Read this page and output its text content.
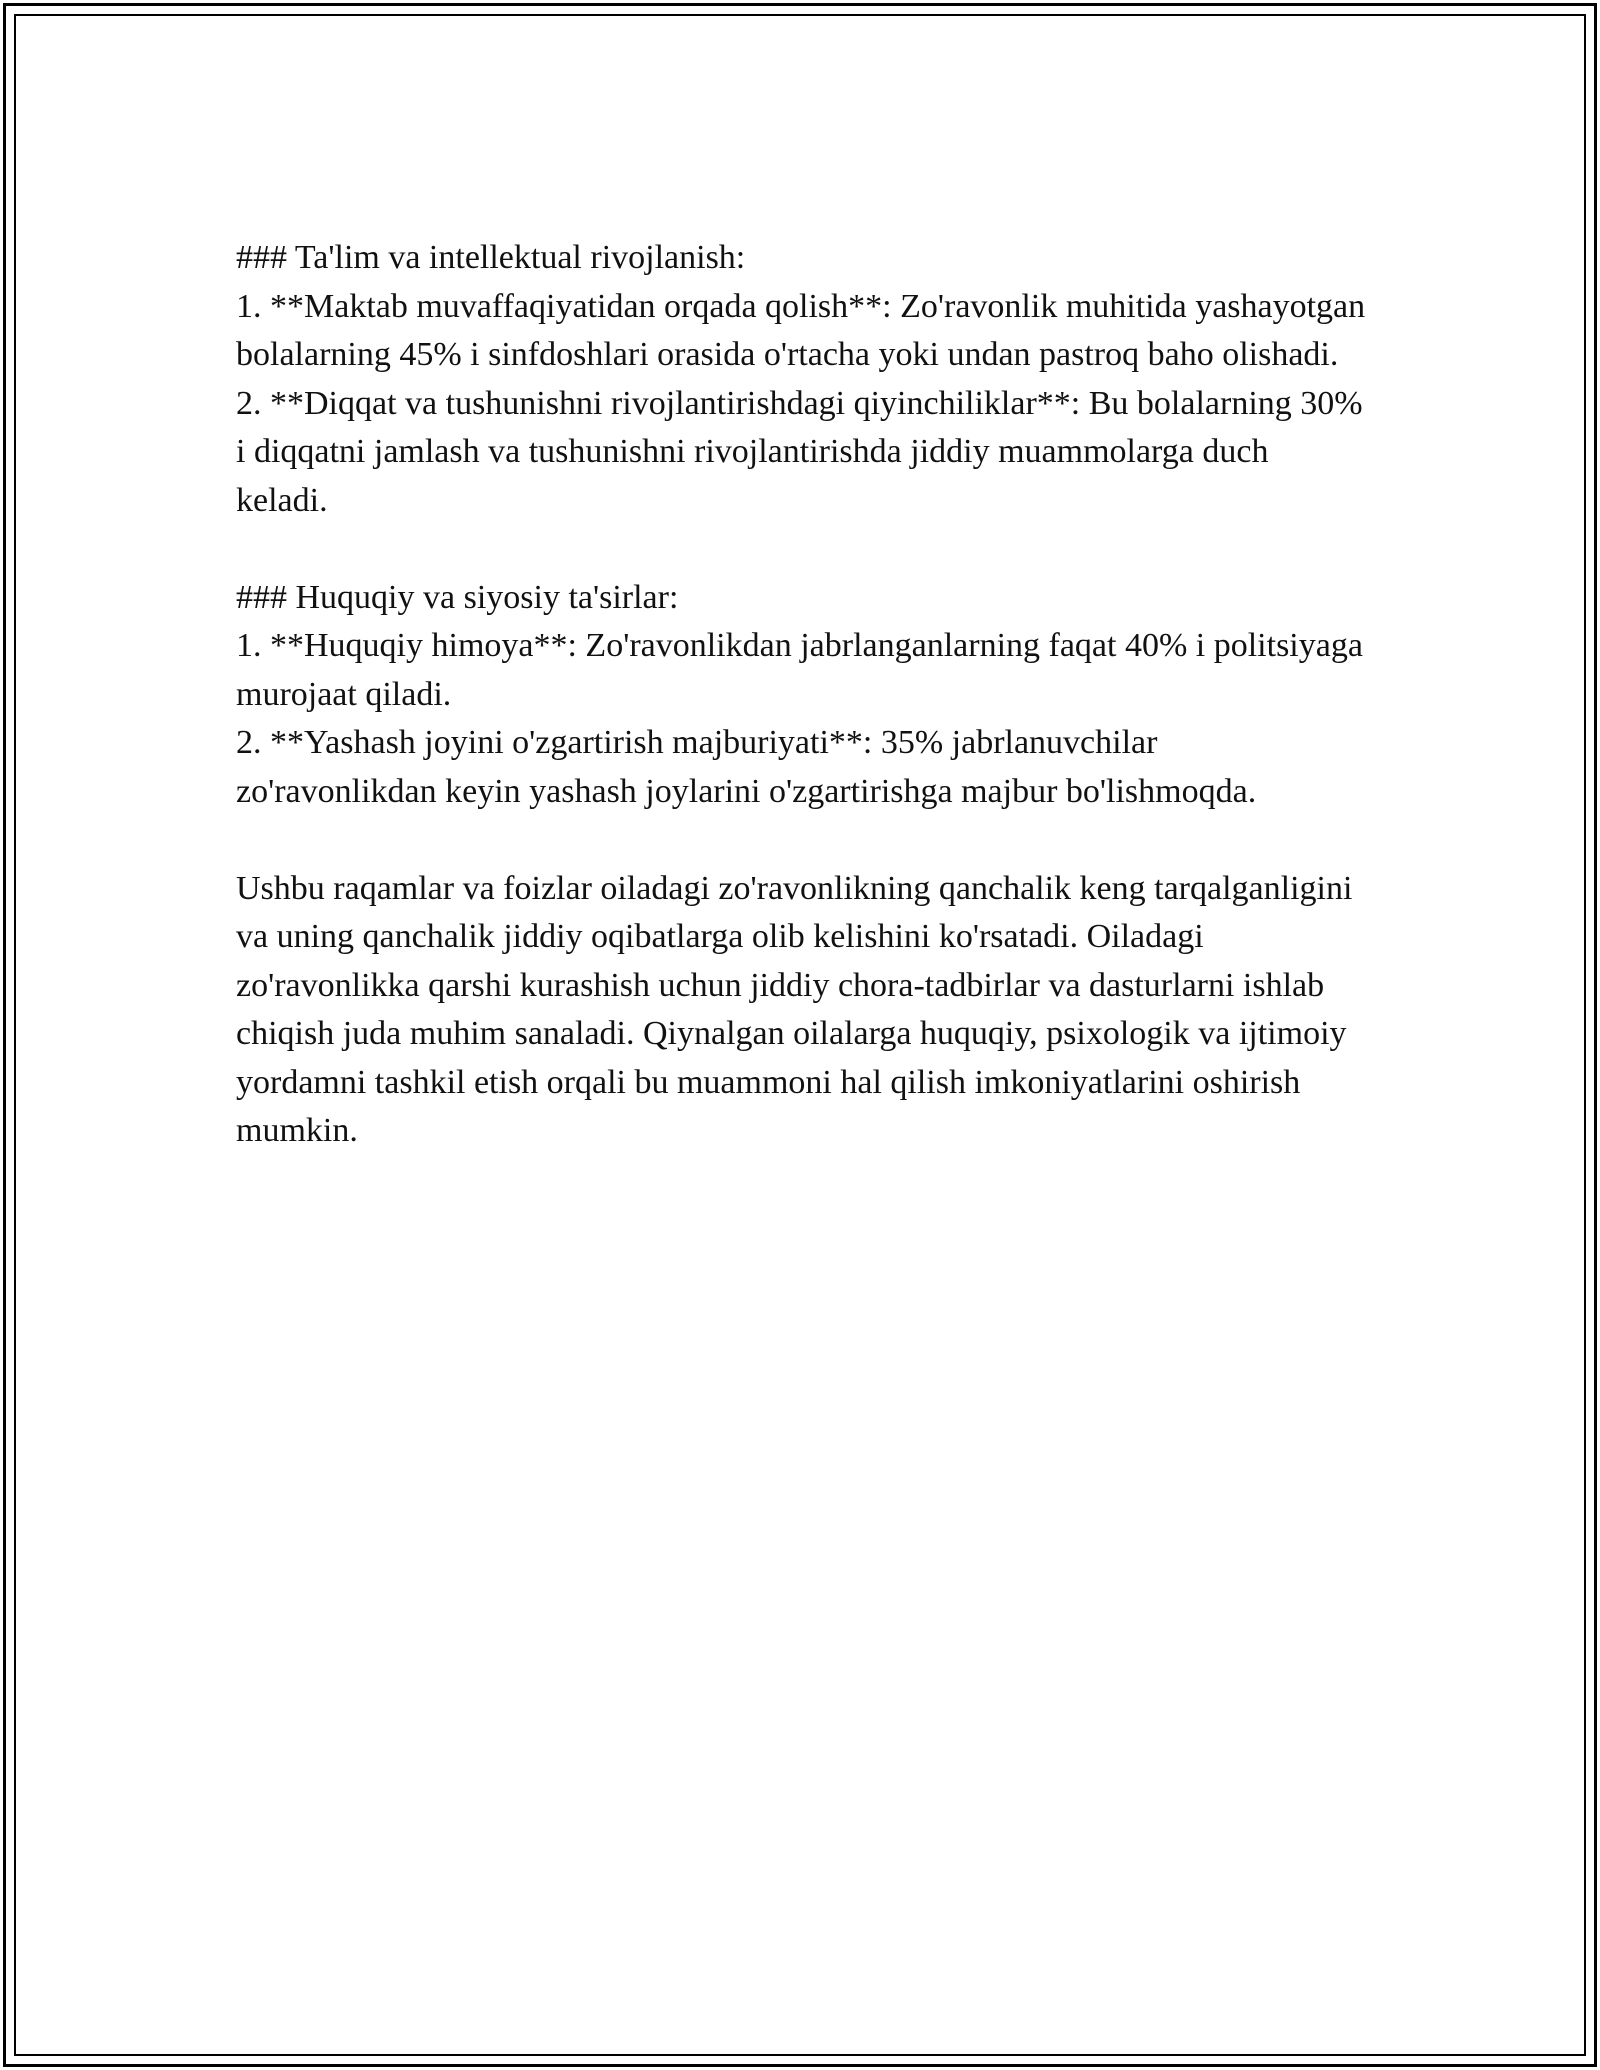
### Ta'lim va intellektual rivojlanish:

1. **Maktab muvaffaqiyatidan orqada qolish**: Zo'ravonlik muhitida yashayotgan bolalarning 45% i sinfdoshlari orasida o'rtacha yoki undan pastroq baho olishadi.

2. **Diqqat va tushunishni rivojlantirishdagi qiyinchiliklar**: Bu bolalarning 30% i diqqatni jamlash va tushunishni rivojlantirishda jiddiy muammolarga duch keladi.

### Huquqiy va siyosiy ta'sirlar:

1. **Huquqiy himoya**: Zo'ravonlikdan jabrlanganlarning faqat 40% i politsiyaga murojaat qiladi.

2. **Yashash joyini o'zgartirish majburiyati**: 35% jabrlanuvchilar zo'ravonlikdan keyin yashash joylarini o'zgartirishga majbur bo'lishmoqda.

Ushbu raqamlar va foizlar oiladagi zo'ravonlikning qanchalik keng tarqalganligini va uning qanchalik jiddiy oqibatlarga olib kelishini ko'rsatadi. Oiladagi zo'ravonlikka qarshi kurashish uchun jiddiy chora-tadbirlar va dasturlarni ishlab chiqish juda muhim sanaladi. Qiynalgan oilalarga huquqiy, psixologik va ijtimoiy yordamni tashkil etish orqali bu muammoni hal qilish imkoniyatlarini oshirish mumkin.
